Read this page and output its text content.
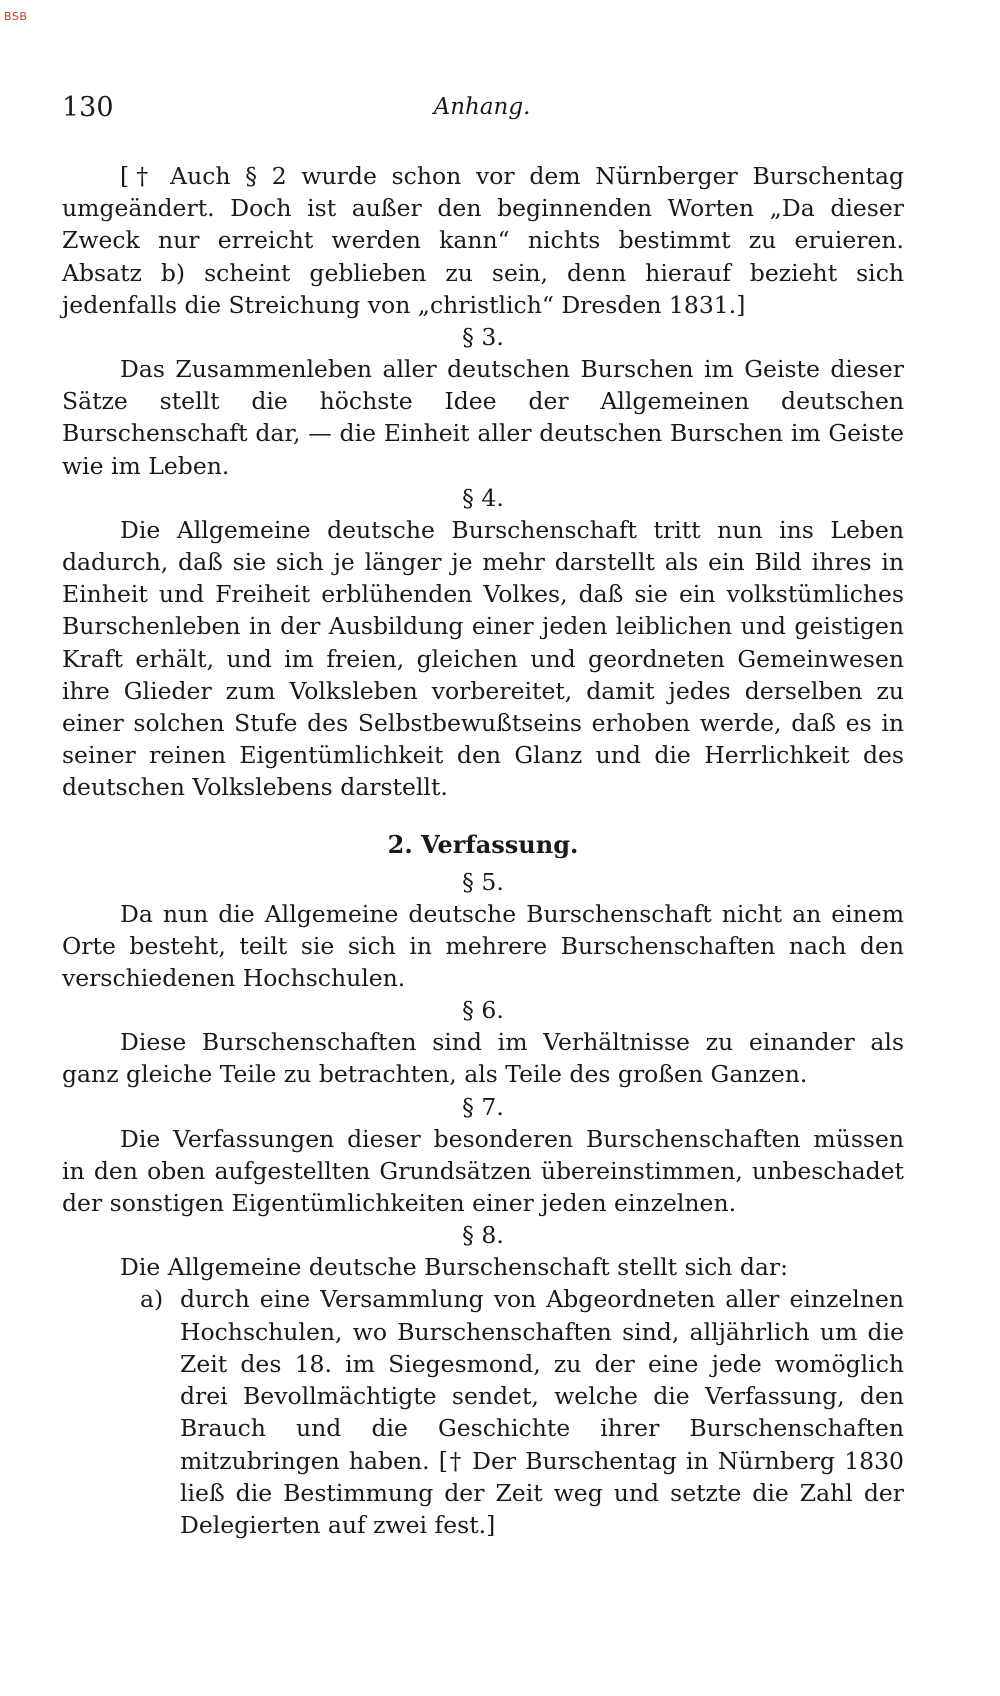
BSB
130	Anhang.

[† Auch § 2 wurde schon vor dem Nürnberger Burschentag umgeändert. Doch ist außer den beginnenden Worten „Da dieser Zweck nur erreicht werden kann“ nichts bestimmt zu eruieren. Absatz b) scheint geblieben zu sein, denn hierauf bezieht sich jedenfalls die Streichung von „christlich“ Dresden 1831.]

§ 3.

Das Zusammenleben aller deutschen Burschen im Geiste dieser Sätze stellt die höchste Idee der Allgemeinen deutschen Burschenschaft dar, — die Einheit aller deutschen Burschen im Geiste wie im Leben.

§ 4.

Die Allgemeine deutsche Burschenschaft tritt nun ins Leben dadurch, daß sie sich je länger je mehr darstellt als ein Bild ihres in Einheit und Freiheit erblühenden Volkes, daß sie ein volkstümliches Burschenleben in der Ausbildung einer jeden leiblichen und geistigen Kraft erhält, und im freien, gleichen und geordneten Gemeinwesen ihre Glieder zum Volksleben vorbereitet, damit jedes derselben zu einer solchen Stufe des Selbstbewußtseins erhoben werde, daß es in seiner reinen Eigentümlichkeit den Glanz und die Herrlichkeit des deutschen Volkslebens darstellt.

2. Verfassung.
§ 5.

Da nun die Allgemeine deutsche Burschenschaft nicht an einem Orte besteht, teilt sie sich in mehrere Burschenschaften nach den verschiedenen Hochschulen.

§ 6.

Diese Burschenschaften sind im Verhältnisse zu einander als ganz gleiche Teile zu betrachten, als Teile des großen Ganzen.

§ 7.

Die Verfassungen dieser besonderen Burschenschaften müssen in den oben aufgestellten Grundsätzen übereinstimmen, unbeschadet der sonstigen Eigentümlichkeiten einer jeden einzelnen.

§ 8.

Die Allgemeine deutsche Burschenschaft stellt sich dar:

a) durch eine Versammlung von Abgeordneten aller einzelnen Hochschulen, wo Burschenschaften sind, alljährlich um die Zeit des 18. im Siegesmond, zu der eine jede womöglich drei Bevollmächtigte sendet, welche die Verfassung, den Brauch und die Geschichte ihrer Burschenschaften mitzubringen haben. [† Der Burschentag in Nürnberg 1830 ließ die Bestimmung der Zeit weg und setzte die Zahl der Delegierten auf zwei fest.]
